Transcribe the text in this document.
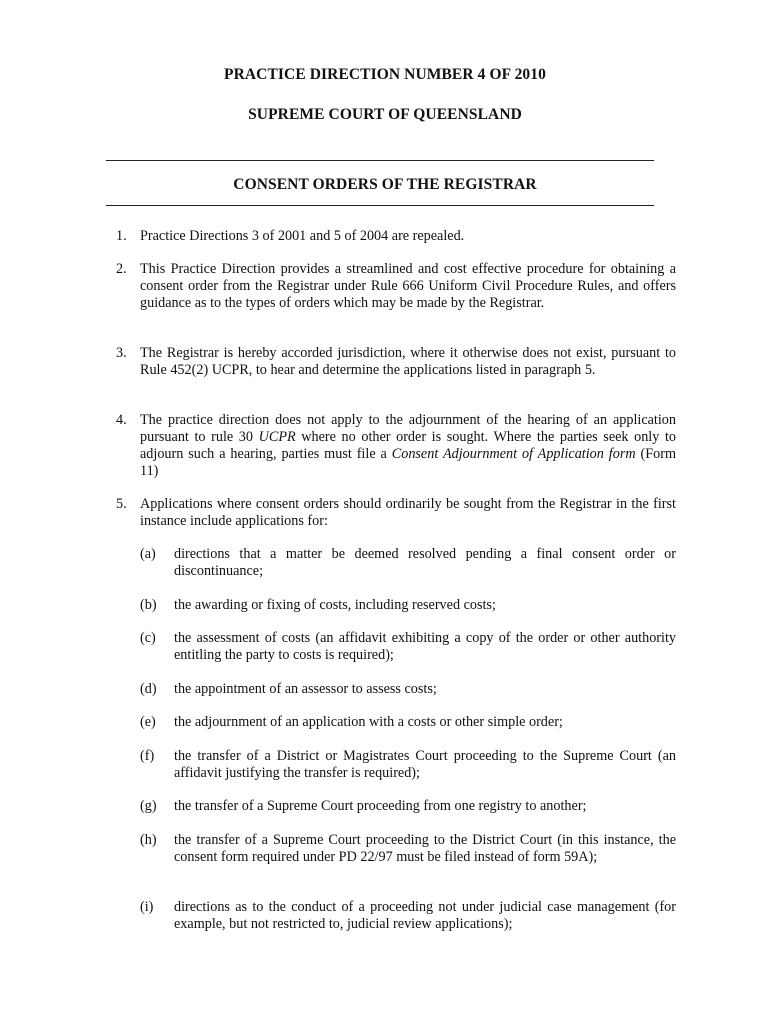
PRACTICE DIRECTION NUMBER 4 OF 2010
SUPREME COURT OF QUEENSLAND
CONSENT ORDERS OF THE REGISTRAR
1. Practice Directions 3 of 2001 and 5 of 2004 are repealed.
2. This Practice Direction provides a streamlined and cost effective procedure for obtaining a consent order from the Registrar under Rule 666 Uniform Civil Procedure Rules, and offers guidance as to the types of orders which may be made by the Registrar.
3. The Registrar is hereby accorded jurisdiction, where it otherwise does not exist, pursuant to Rule 452(2) UCPR, to hear and determine the applications listed in paragraph 5.
4. The practice direction does not apply to the adjournment of the hearing of an application pursuant to rule 30 UCPR where no other order is sought. Where the parties seek only to adjourn such a hearing, parties must file a Consent Adjournment of Application form (Form 11)
5. Applications where consent orders should ordinarily be sought from the Registrar in the first instance include applications for:
(a) directions that a matter be deemed resolved pending a final consent order or discontinuance;
(b) the awarding or fixing of costs, including reserved costs;
(c) the assessment of costs (an affidavit exhibiting a copy of the order or other authority entitling the party to costs is required);
(d) the appointment of an assessor to assess costs;
(e) the adjournment of an application with a costs or other simple order;
(f) the transfer of a District or Magistrates Court proceeding to the Supreme Court (an affidavit justifying the transfer is required);
(g) the transfer of a Supreme Court proceeding from one registry to another;
(h) the transfer of a Supreme Court proceeding to the District Court (in this instance, the consent form required under PD 22/97 must be filed instead of form 59A);
(i) directions as to the conduct of a proceeding not under judicial case management (for example, but not restricted to, judicial review applications);
